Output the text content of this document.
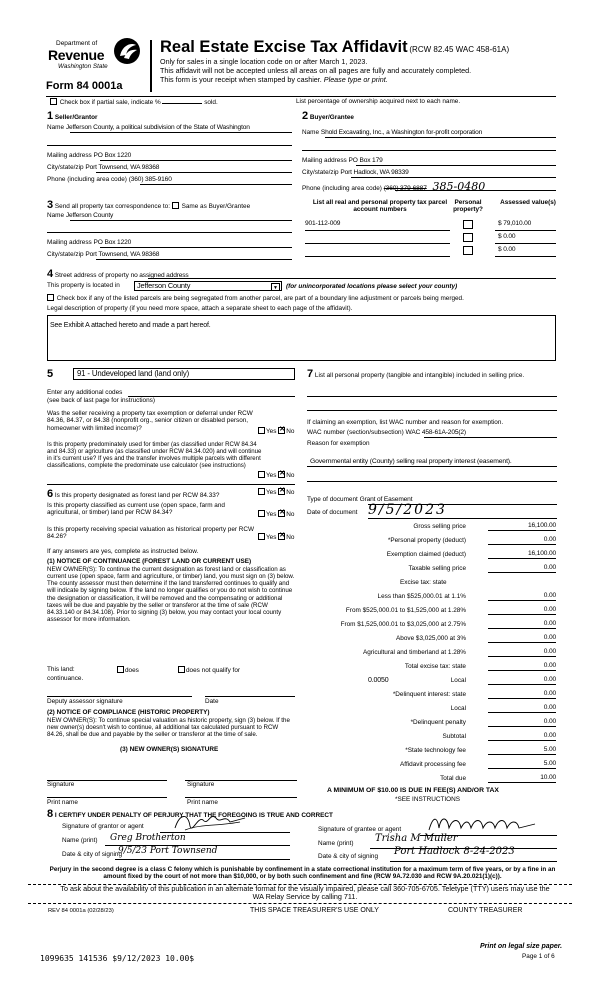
Department of
Revenue
Washington State
Form 84 0001a
Real Estate Excise Tax Affidavit (RCW 82.45 WAC 458-61A)
Only for sales in a single location code on or after March 1, 2023.
This affidavit will not be accepted unless all areas on all pages are fully and accurately completed.
This form is your receipt when stamped by cashier. Please type or print.
Check box if partial sale, indicate %	sold.	List percentage of ownership acquired next to each name.
1 Seller/Grantor
Name Jefferson County, a political subdivision of the State of Washington
Mailing address PO Box 1220
City/state/zip Port Townsend, WA 98368
Phone (including area code) (360) 385-9160
2 Buyer/Grantee
Name Shold Excavating, Inc., a Washington for-profit corporation
Mailing address PO Box 179
City/state/zip Port Hadlock, WA 98339
Phone (including area code) (360) 379-6887 385-0480
3 Send all property tax correspondence to: Same as Buyer/Grantee
Name Jefferson County
Mailing address PO Box 1220
City/state/zip Port Townsend, WA 98368
List all real and personal property tax parcel account numbers
Personal property?
Assessed value(s)
901-112-009	$ 79,010.00
$ 0.00
$ 0.00
4 Street address of property no assigned address
This property is located in Jefferson County	▼	(for unincorporated locations please select your county)
Check box if any of the listed parcels are being segregated from another parcel, are part of a boundary line adjustment or parcels being merged.
Legal description of property (if you need more space, attach a separate sheet to each page of the affidavit).
See Exhibit A attached hereto and made a part hereof.
5	91 - Undeveloped land (land only)
Enter any additional codes
(see back of last page for instructions)
Was the seller receiving a property tax exemption or deferral under RCW 84.36, 84.37, or 84.38 (nonprofit org., senior citizen or disabled person, homeowner with limited income)?	Yes ✕ No
Is this property predominately used for timber (as classified under RCW 84.34 and 84.33) or agriculture (as classified under RCW 84.34.020) and will continue in it's current use? If yes and the transfer involves multiple parcels with different classifications, complete the predominate use calculator (see instructions)
Yes ✕ No
6 Is this property designated as forest land per RCW 84.33?	Yes ✕ No
Is this property classified as current use (open space, farm and agricultural, or timber) land per RCW 84.34?	Yes ✕ No
Is this property receiving special valuation as historical property per RCW 84.26?	Yes ✕ No
If any answers are yes, complete as instructed below.
(1) NOTICE OF CONTINUANCE (FOREST LAND OR CURRENT USE)
NEW OWNER(S): To continue the current designation as forest land or classification as current use (open space, farm and agriculture, or timber) land, you must sign on (3) below. The county assessor must then determine if the land transferred continues to qualify and will indicate by signing below. If the land no longer qualifies or you do not wish to continue the designation or classification, it will be removed and the compensating or additional taxes will be due and payable by the seller or transferor at the time of sale (RCW 84.33.140 or 84.34.108). Prior to signing (3) below, you may contact your local county assessor for more information.
This land:	does	does not qualify for
continuance.
Deputy assessor signature	Date
(2) NOTICE OF COMPLIANCE (HISTORIC PROPERTY)
NEW OWNER(S): To continue special valuation as historic property, sign (3) below. If the new owner(s) doesn't wish to continue, all additional tax calculated pursuant to RCW 84.26, shall be due and payable by the seller or transferor at the time of sale.
(3) NEW OWNER(S) SIGNATURE
Signature	Signature
Print name	Print name
7 List all personal property (tangible and intangible) included in selling price.
If claiming an exemption, list WAC number and reason for exemption.
WAC number (section/subsection) WAC 458-61A-205(2)
Reason for exemption
Governmental entity (County) selling real property interest (easement).
Type of document Grant of Easement
Date of document 9/5/2023
Gross selling price	16,100.00
*Personal property (deduct)	0.00
Exemption claimed (deduct)	16,100.00
Taxable selling price	0.00
Excise tax: state
Less than $525,000.01 at 1.1%	0.00
From $525,000.01 to $1,525,000 at 1.28%	0.00
From $1,525,000.01 to $3,025,000 at 2.75%	0.00
Above $3,025,000 at 3%	0.00
Agricultural and timberland at 1.28%	0.00
Total excise tax: state	0.00
0.0050	Local	0.00
*Delinquent interest: state	0.00
Local	0.00
*Delinquent penalty	0.00
Subtotal	0.00
*State technology fee	5.00
Affidavit processing fee	5.00
Total due	10.00
A MINIMUM OF $10.00 IS DUE IN FEE(S) AND/OR TAX
*SEE INSTRUCTIONS
8 I CERTIFY UNDER PENALTY OF PERJURY THAT THE FOREGOING IS TRUE AND CORRECT
Signature of grantor or agent
Name (print) Greg Brotherton
Date & city of signing
9/5/23 Port Townsend
Signature of grantee or agent
Name (print) Trisha M Muller
Date & city of signing Port Hadlock 8-24-2023
Perjury in the second degree is a class C felony which is punishable by confinement in a state correctional institution for a maximum term of five years, or by a fine in an amount fixed by the court of not more than $10,000, or by both such confinement and fine (RCW 9A.72.030 and RCW 9A.20.021(1)(c)).
To ask about the availability of this publication in an alternate format for the visually impaired, please call 360-705-6705. Teletype (TTY) users may use the WA Relay Service by calling 711.
REV 84 0001a (02/28/23)	THIS SPACE TREASURER'S USE ONLY	COUNTY TREASURER
Print on legal size paper.
Page 1 of 6
1099635 141536 $9/12/2023 10.00$
